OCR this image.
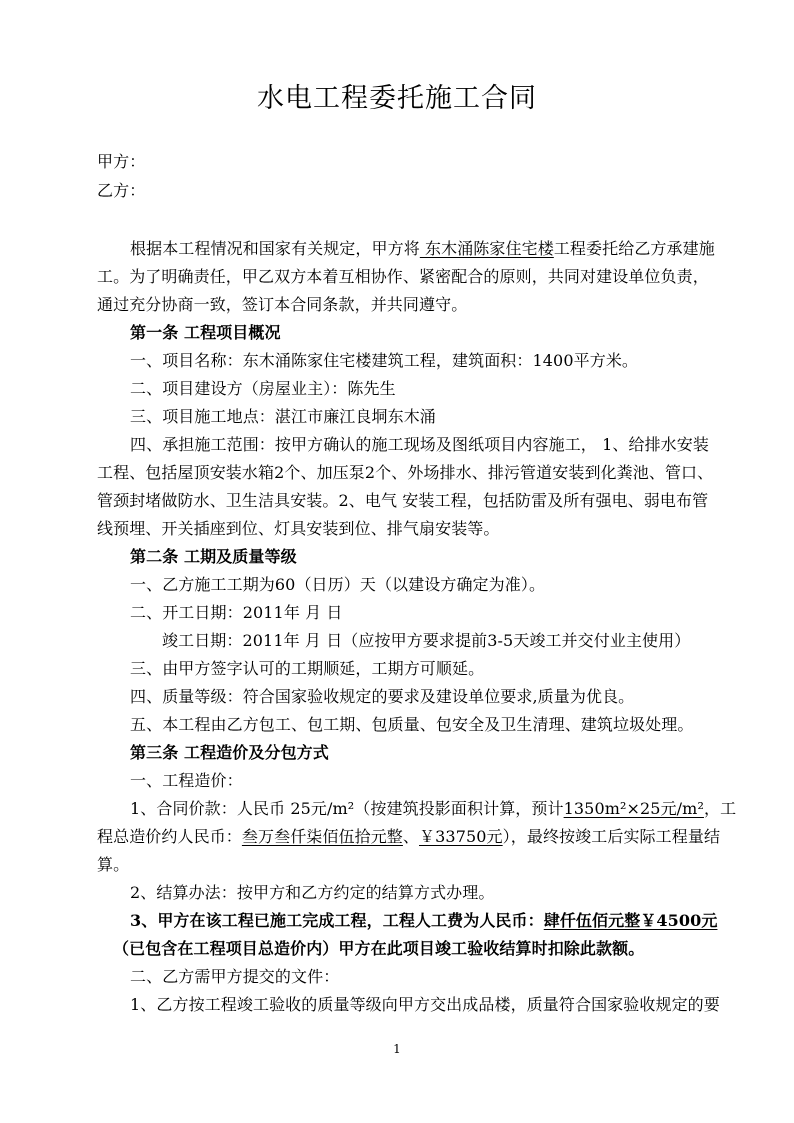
水电工程委托施工合同
甲方：
乙方：
根据本工程情况和国家有关规定，甲方将 东木涌陈家住宅楼工程委托给乙方承建施
工。为了明确责任，甲乙双方本着互相协作、紧密配合的原则，共同对建设单位负责，
通过充分协商一致，签订本合同条款，并共同遵守。
第一条 工程项目概况
一、项目名称：东木涌陈家住宅楼建筑工程，建筑面积：1400平方米。
二、项目建设方（房屋业主）：陈先生
三、项目施工地点：湛江市廉江良垌东木涌
四、承担施工范围：按甲方确认的施工现场及图纸项目内容施工， 1、给排水安装
工程、包括屋顶安装水箱2个、加压泵2个、外场排水、排污管道安装到化粪池、管口、
管颈封堵做防水、卫生洁具安装。2、电气 安装工程，包括防雷及所有强电、弱电布管
线预埋、开关插座到位、灯具安装到位、排气扇安装等。
第二条 工期及质量等级
一、乙方施工工期为60（日历）天（以建设方确定为准）。
二、开工日期：2011年 月 日
竣工日期：2011年 月 日（应按甲方要求提前3-5天竣工并交付业主使用）
三、由甲方签字认可的工期顺延，工期方可顺延。
四、质量等级：符合国家验收规定的要求及建设单位要求,质量为优良。
五、本工程由乙方包工、包工期、包质量、包安全及卫生清理、建筑垃圾处理。
第三条 工程造价及分包方式
一、工程造价：
1、合同价款：人民币 25元/m²（按建筑投影面积计算，预计1350m²×25元/m²，工
程总造价约人民币：叁万叁仟柒佰伍拾元整、￥33750元），最终按竣工后实际工程量结
算。
2、结算办法：按甲方和乙方约定的结算方式办理。
3、甲方在该工程已施工完成工程，工程人工费为人民币：肆仟伍佰元整￥4500元
（已包含在工程项目总造价内）甲方在此项目竣工验收结算时扣除此款额。
二、乙方需甲方提交的文件：
1、乙方按工程竣工验收的质量等级向甲方交出成品楼，质量符合国家验收规定的要
1
